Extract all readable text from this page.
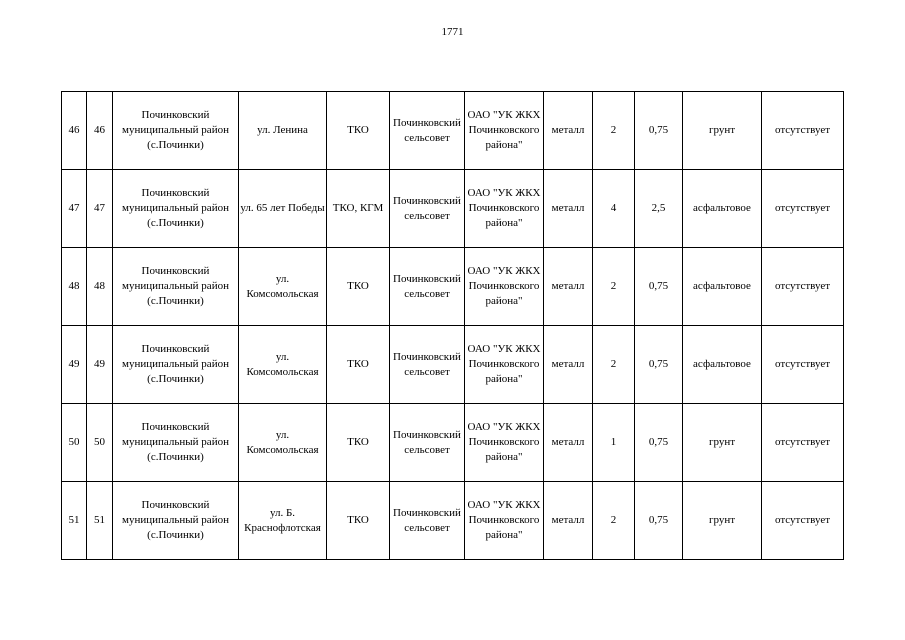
1771
46	46	Починковский муниципальный район (с.Починки)	ул. Ленина	ТКО	Починковский сельсовет	ОАО "УК ЖКХ Починковского района"	металл	2	0,75	грунт	отсутствует
47	47	Починковский муниципальный район (с.Починки)	ул. 65 лет Победы	ТКО, КГМ	Починковский сельсовет	ОАО "УК ЖКХ Починковского района"	металл	4	2,5	асфальтовое	отсутствует
48	48	Починковский муниципальный район (с.Починки)	ул. Комсомольская	ТКО	Починковский сельсовет	ОАО "УК ЖКХ Починковского района"	металл	2	0,75	асфальтовое	отсутствует
49	49	Починковский муниципальный район (с.Починки)	ул. Комсомольская	ТКО	Починковский сельсовет	ОАО "УК ЖКХ Починковского района"	металл	2	0,75	асфальтовое	отсутствует
50	50	Починковский муниципальный район (с.Починки)	ул. Комсомольская	ТКО	Починковский сельсовет	ОАО "УК ЖКХ Починковского района"	металл	1	0,75	грунт	отсутствует
51	51	Починковский муниципальный район (с.Починки)	ул. Б. Краснофлотская	ТКО	Починковский сельсовет	ОАО "УК ЖКХ Починковского района"	металл	2	0,75	грунт	отсутствует
